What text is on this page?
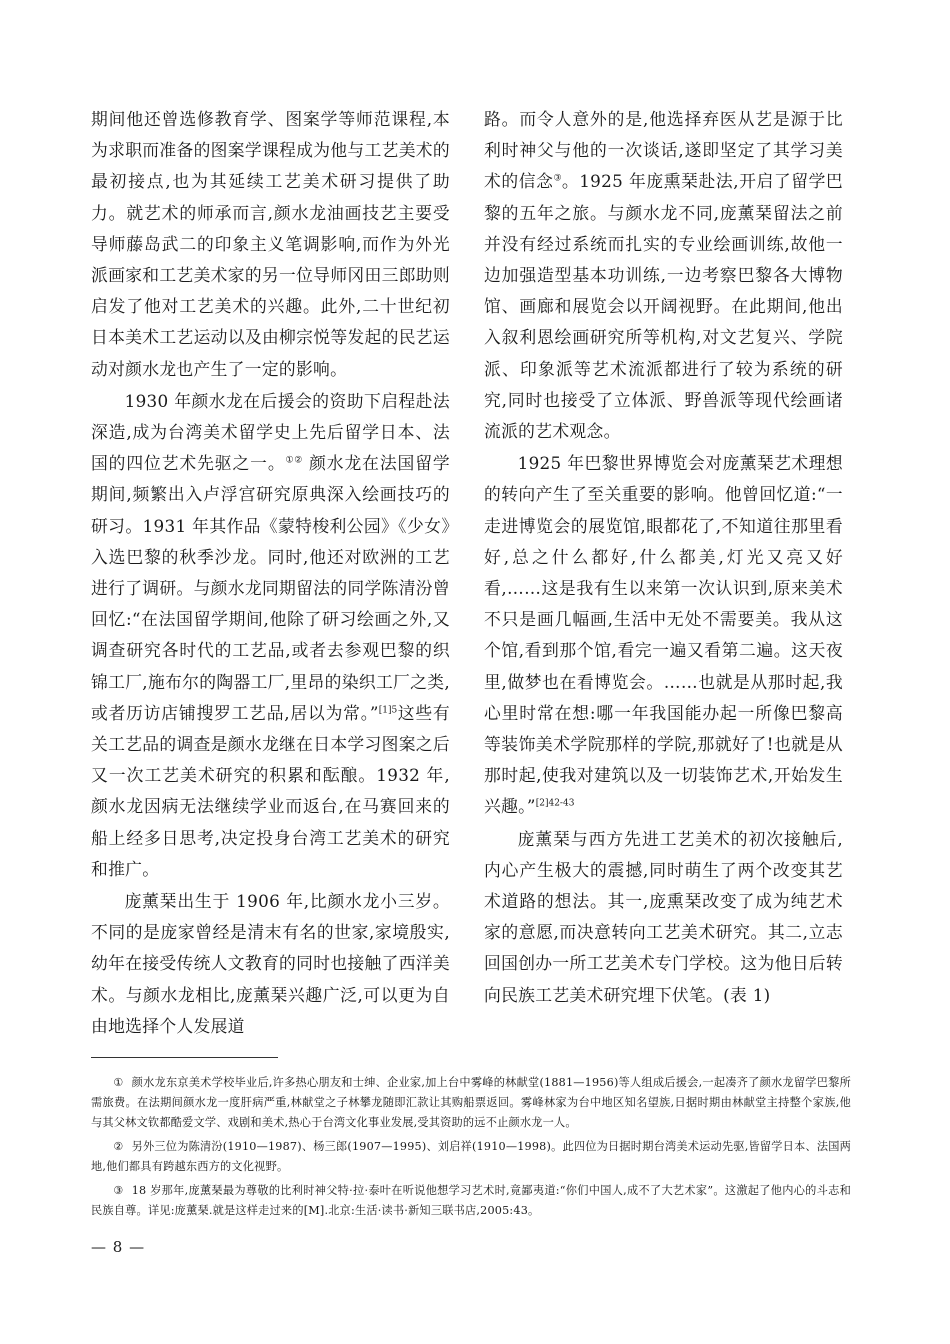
期间他还曾选修教育学、图案学等师范课程,本为求职而准备的图案学课程成为他与工艺美术的最初接点,也为其延续工艺美术研习提供了助力。就艺术的师承而言,颜水龙油画技艺主要受导师藤岛武二的印象主义笔调影响,而作为外光派画家和工艺美术家的另一位导师冈田三郎助则启发了他对工艺美术的兴趣。此外,二十世纪初日本美术工艺运动以及由柳宗悦等发起的民艺运动对颜水龙也产生了一定的影响。

1930 年颜水龙在后援会的资助下启程赴法深造,成为台湾美术留学史上先后留学日本、法国的四位艺术先驱之一。①② 颜水龙在法国留学期间,频繁出入卢浮宫研究原典深入绘画技巧的研习。1931 年其作品《蒙特梭利公园》《少女》入选巴黎的秋季沙龙。同时,他还对欧洲的工艺进行了调研。与颜水龙同期留法的同学陈清汾曾回忆:“在法国留学期间,他除了研习绘画之外,又调查研究各时代的工艺品,或者去参观巴黎的织锦工厂,施布尔的陶器工厂,里昂的染织工厂之类,或者历访店铺搜罗工艺品,居以为常。”$^{[1]5}$这些有关工艺品的调查是颜水龙继在日本学习图案之后又一次工艺美术研究的积累和酝酿。1932 年,颜水龙因病无法继续学业而返台,在马赛回来的船上经多日思考,决定投身台湾工艺美术的研究和推广。

庞薰琹出生于 1906 年,比颜水龙小三岁。不同的是庞家曾经是清末有名的世家,家境殷实,幼年在接受传统人文教育的同时也接触了西洋美术。与颜水龙相比,庞薰琹兴趣广泛,可以更为自由地选择个人发展道

路。而令人意外的是,他选择弃医从艺是源于比利时神父与他的一次谈话,遂即坚定了其学习美术的信念③。1925 年庞熏琹赴法,开启了留学巴黎的五年之旅。与颜水龙不同,庞薰琹留法之前并没有经过系统而扎实的专业绘画训练,故他一边加强造型基本功训练,一边考察巴黎各大博物馆、画廊和展览会以开阔视野。在此期间,他出入叙利恩绘画研究所等机构,对文艺复兴、学院派、印象派等艺术流派都进行了较为系统的研究,同时也接受了立体派、野兽派等现代绘画诸流派的艺术观念。

1925 年巴黎世界博览会对庞薰琹艺术理想的转向产生了至关重要的影响。他曾回忆道:“一走进博览会的展览馆,眼都花了,不知道往那里看好,总之什么都好,什么都美,灯光又亮又好看,……这是我有生以来第一次认识到,原来美术不只是画几幅画,生活中无处不需要美。我从这个馆,看到那个馆,看完一遍又看第二遍。这天夜里,做梦也在看博览会。……也就是从那时起,我心里时常在想:哪一年我国能办起一所像巴黎高等装饰美术学院那样的学院,那就好了!也就是从那时起,使我对建筑以及一切装饰艺术,开始发生兴趣。”$^{[2]42-43}$

庞薰琹与西方先进工艺美术的初次接触后,内心产生极大的震撼,同时萌生了两个改变其艺术道路的想法。其一,庞熏琹改变了成为纯艺术家的意愿,而决意转向工艺美术研究。其二,立志回国创办一所工艺美术专门学校。这为他日后转向民族工艺美术研究埋下伏笔。(表 1)

① 颜水龙东京美术学校毕业后,许多热心朋友和士绅、企业家,加上台中雾峰的林献堂(1881—1956)等人组成后援会,一起凑齐了颜水龙留学巴黎所需旅费。在法期间颜水龙一度肝病严重,林献堂之子林攀龙随即汇款让其购船票返回。雾峰林家为台中地区知名望族,日据时期由林献堂主持整个家族,他与其父林文钦都酷爱文学、戏剧和美术,热心于台湾文化事业发展,受其资助的远不止颜水龙一人。

② 另外三位为陈清汾(1910—1987)、杨三郎(1907—1995)、刘启祥(1910—1998)。此四位为日据时期台湾美术运动先驱,皆留学日本、法国两地,他们都具有跨越东西方的文化视野。

③ 18 岁那年,庞薰琹最为尊敬的比利时神父特·拉·泰叶在听说他想学习艺术时,竟鄙夷道:“你们中国人,成不了大艺术家”。这激起了他内心的斗志和民族自尊。详见:庞薰琹.就是这样走过来的[M].北京:生活·读书·新知三联书店,2005:43。

— 8 —
